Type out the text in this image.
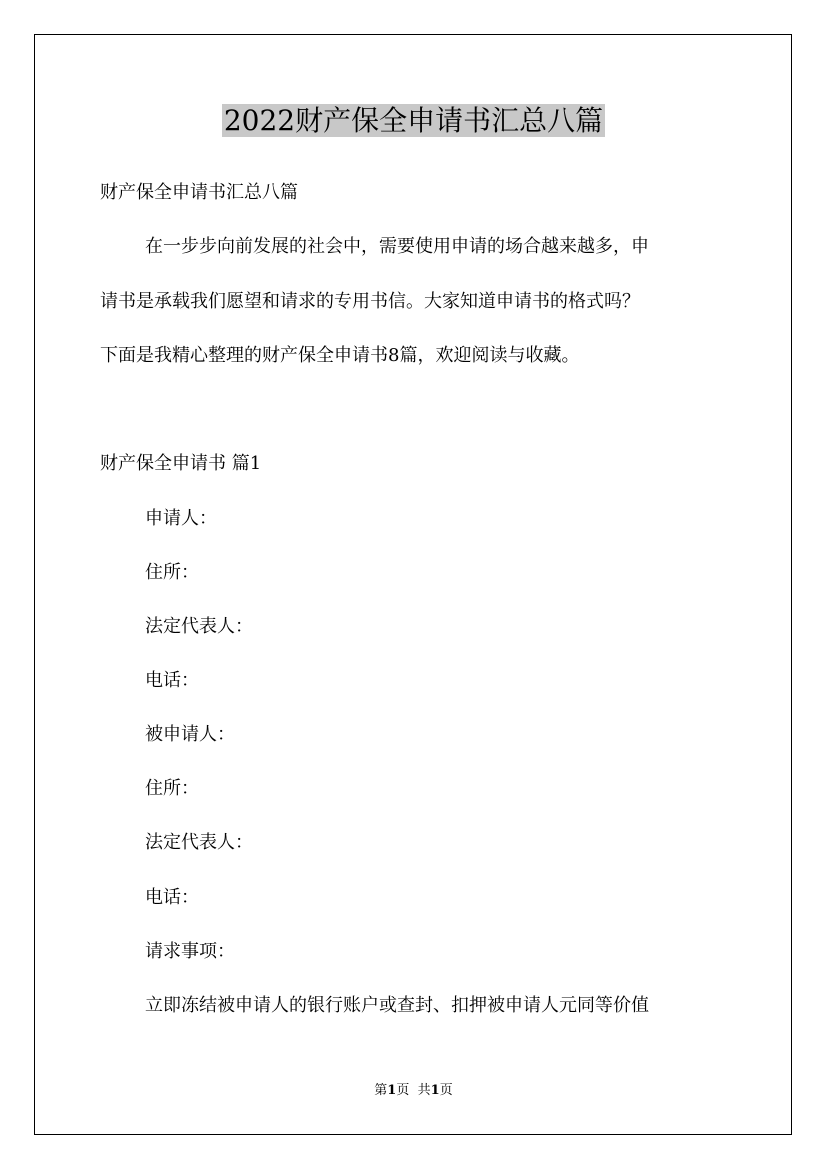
2022财产保全申请书汇总八篇

财产保全申请书汇总八篇

在一步步向前发展的社会中，需要使用申请的场合越来越多，申

请书是承载我们愿望和请求的专用书信。大家知道申请书的格式吗？

下面是我精心整理的财产保全申请书8篇，欢迎阅读与收藏。

财产保全申请书 篇1

申请人：

住所：

法定代表人：

电话：

被申请人：

住所：

法定代表人：

电话：

请求事项：

立即冻结被申请人的银行账户或查封、扣押被申请人元同等价值

第1页 共1页
